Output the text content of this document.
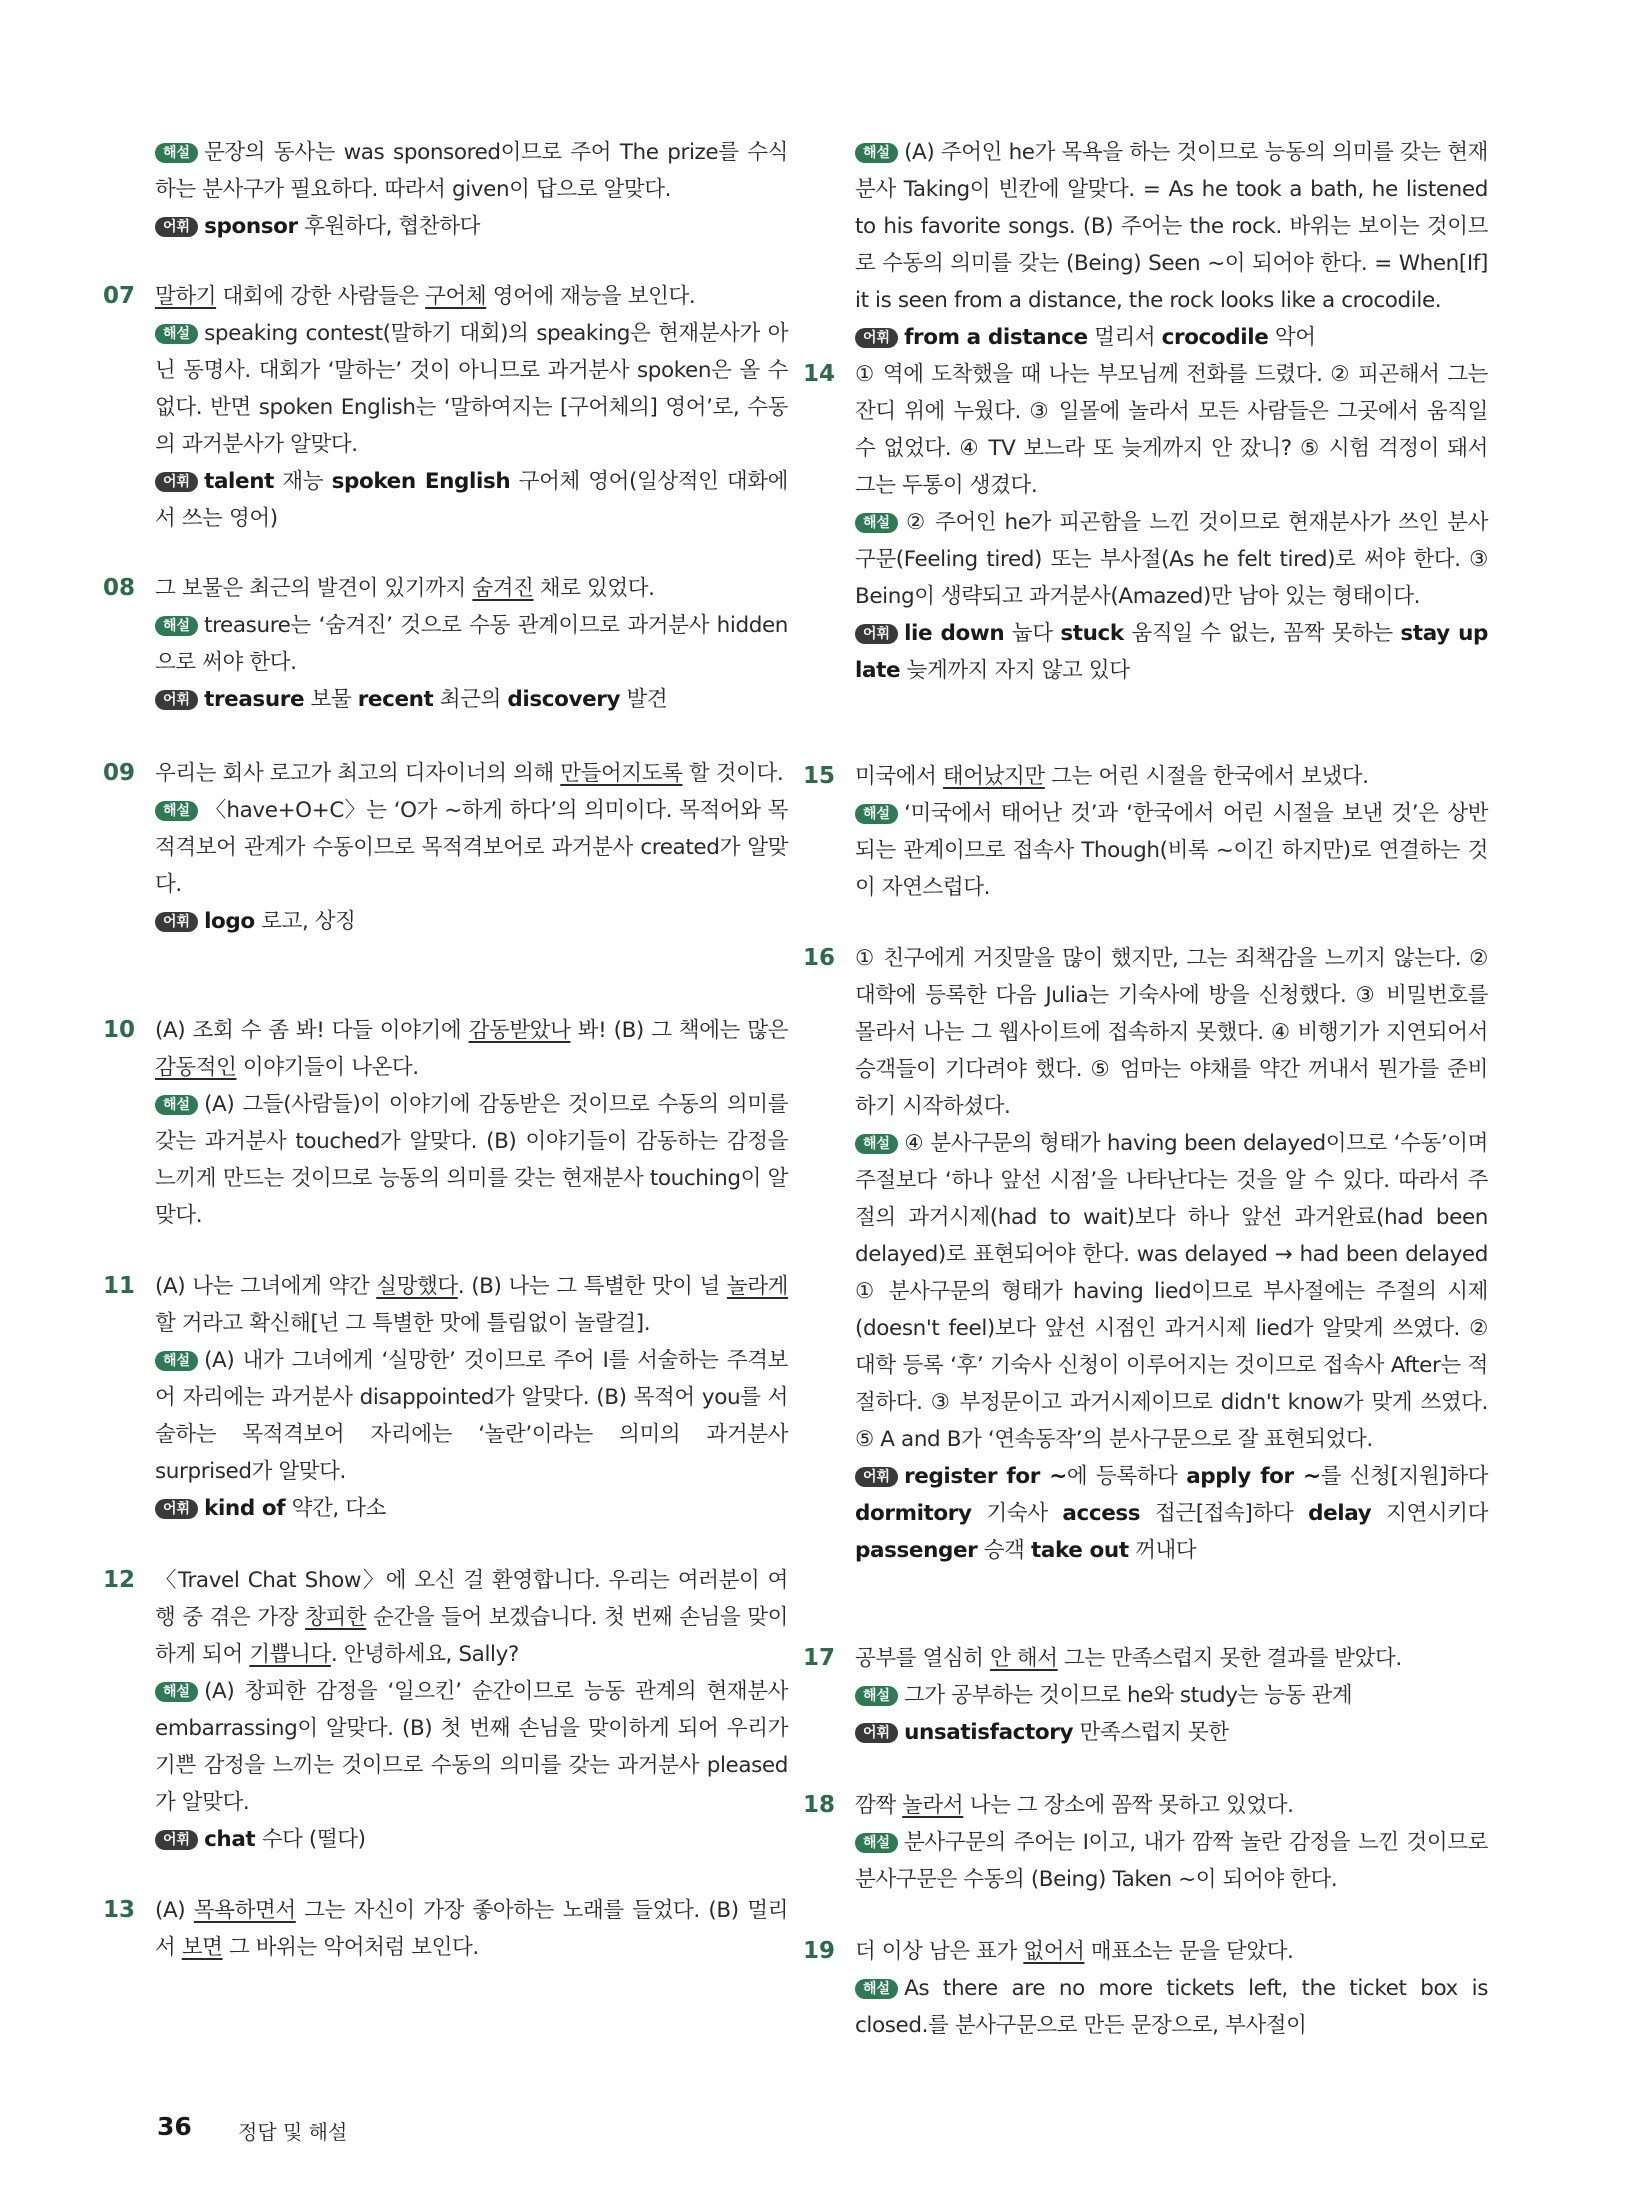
해설 문장의 동사는 was sponsored이므로 주어 The prize를 수식하는 분사구가 필요하다. 따라서 given이 답으로 알맞다.

어휘 sponsor 후원하다, 협찬하다

07 말하기 대회에 강한 사람들은 구어체 영어에 재능을 보인다.

해설 speaking contest(말하기 대회)의 speaking은 현재분사가 아닌 동명사. 대회가 ‘말하는’ 것이 아니므로 과거분사 spoken은 올 수 없다. 반면 spoken English는 ‘말하여지는 [구어체의] 영어’로, 수동의 과거분사가 알맞다.

어휘 talent 재능 spoken English 구어체 영어(일상적인 대화에서 쓰는 영어)

08 그 보물은 최근의 발견이 있기까지 숨겨진 채로 있었다.

해설 treasure는 ‘숨겨진’ 것으로 수동 관계이므로 과거분사 hidden으로 써야 한다.

어휘 treasure 보물 recent 최근의 discovery 발견

09 우리는 회사 로고가 최고의 디자이너의 의해 만들어지도록 할 것이다.

해설 〈have+O+C〉는 ‘O가 ~하게 하다’의 의미이다. 목적어와 목적격보어 관계가 수동이므로 목적격보어로 과거분사 created가 알맞다.

어휘 logo 로고, 상징

10 (A) 조회 수 좀 봐! 다들 이야기에 감동받았나 봐! (B) 그 책에는 많은 감동적인 이야기들이 나온다.

해설 (A) 그들(사람들)이 이야기에 감동받은 것이므로 수동의 의미를 갖는 과거분사 touched가 알맞다. (B) 이야기들이 감동하는 감정을 느끼게 만드는 것이므로 능동의 의미를 갖는 현재분사 touching이 알맞다.

11 (A) 나는 그녀에게 약간 실망했다. (B) 나는 그 특별한 맛이 널 놀라게 할 거라고 확신해[넌 그 특별한 맛에 틀림없이 놀랄걸].

해설 (A) 내가 그녀에게 ‘실망한’ 것이므로 주어 I를 서술하는 주격보어 자리에는 과거분사 disappointed가 알맞다. (B) 목적어 you를 서술하는 목적격보어 자리에는 ‘놀란’이라는 의미의 과거분사 surprised가 알맞다.

어휘 kind of 약간, 다소

12 〈Travel Chat Show〉에 오신 걸 환영합니다. 우리는 여러분이 여행 중 겪은 가장 창피한 순간을 들어 보겠습니다. 첫 번째 손님을 맞이하게 되어 기쁩니다. 안녕하세요, Sally?

해설 (A) 창피한 감정을 ‘일으킨’ 순간이므로 능동 관계의 현재분사 embarrassing이 알맞다. (B) 첫 번째 손님을 맞이하게 되어 우리가 기쁜 감정을 느끼는 것이므로 수동의 의미를 갖는 과거분사 pleased가 알맞다.

어휘 chat 수다 (떨다)

13 (A) 목욕하면서 그는 자신이 가장 좋아하는 노래를 들었다. (B) 멀리서 보면 그 바위는 악어처럼 보인다.

해설 (A) 주어인 he가 목욕을 하는 것이므로 능동의 의미를 갖는 현재분사 Taking이 빈칸에 알맞다. = As he took a bath, he listened to his favorite songs. (B) 주어는 the rock. 바위는 보이는 것이므로 수동의 의미를 갖는 (Being) Seen ~이 되어야 한다. = When[If] it is seen from a distance, the rock looks like a crocodile.

어휘 from a distance 멀리서 crocodile 악어

14 ① 역에 도착했을 때 나는 부모님께 전화를 드렸다. ② 피곤해서 그는 잔디 위에 누웠다. ③ 일몰에 놀라서 모든 사람들은 그곳에서 움직일 수 없었다. ④ TV 보느라 또 늦게까지 안 잤니? ⑤ 시험 걱정이 돼서 그는 두통이 생겼다.

해설 ② 주어인 he가 피곤함을 느낀 것이므로 현재분사가 쓰인 분사구문(Feeling tired) 또는 부사절(As he felt tired)로 써야 한다. ③ Being이 생략되고 과거분사(Amazed)만 남아 있는 형태이다.

어휘 lie down 눕다 stuck 움직일 수 없는, 꼼짝 못하는 stay up late 늦게까지 자지 않고 있다

15 미국에서 태어났지만 그는 어린 시절을 한국에서 보냈다.

해설 ‘미국에서 태어난 것’과 ‘한국에서 어린 시절을 보낸 것’은 상반되는 관계이므로 접속사 Though(비록 ~이긴 하지만)로 연결하는 것이 자연스럽다.

16 ① 친구에게 거짓말을 많이 했지만, 그는 죄책감을 느끼지 않는다. ② 대학에 등록한 다음 Julia는 기숙사에 방을 신청했다. ③ 비밀번호를 몰라서 나는 그 웹사이트에 접속하지 못했다. ④ 비행기가 지연되어서 승객들이 기다려야 했다. ⑤ 엄마는 야채를 약간 꺼내서 뭔가를 준비하기 시작하셨다.

해설 ④ 분사구문의 형태가 having been delayed이므로 ‘수동’이며 주절보다 ‘하나 앞선 시점’을 나타난다는 것을 알 수 있다. 따라서 주절의 과거시제(had to wait)보다 하나 앞선 과거완료(had been delayed)로 표현되어야 한다. was delayed → had been delayed ① 분사구문의 형태가 having lied이므로 부사절에는 주절의 시제(doesn't feel)보다 앞선 시점인 과거시제 lied가 알맞게 쓰였다. ② 대학 등록 ‘후’ 기숙사 신청이 이루어지는 것이므로 접속사 After는 적절하다. ③ 부정문이고 과거시제이므로 didn't know가 맞게 쓰였다. ⑤ A and B가 ‘연속동작’의 분사구문으로 잘 표현되었다.

어휘 register for ~에 등록하다 apply for ~를 신청[지원]하다 dormitory 기숙사 access 접근[접속]하다 delay 지연시키다 passenger 승객 take out 꺼내다

17 공부를 열심히 안 해서 그는 만족스럽지 못한 결과를 받았다.

해설 그가 공부하는 것이므로 he와 study는 능동 관계

어휘 unsatisfactory 만족스럽지 못한

18 깜짝 놀라서 나는 그 장소에 꼼짝 못하고 있었다.

해설 분사구문의 주어는 I이고, 내가 깜짝 놀란 감정을 느낀 것이므로 분사구문은 수동의 (Being) Taken ~이 되어야 한다.

19 더 이상 남은 표가 없어서 매표소는 문을 닫았다.

해설 As there are no more tickets left, the ticket box is closed.를 분사구문으로 만든 문장으로, 부사절이

36 정답 및 해설
